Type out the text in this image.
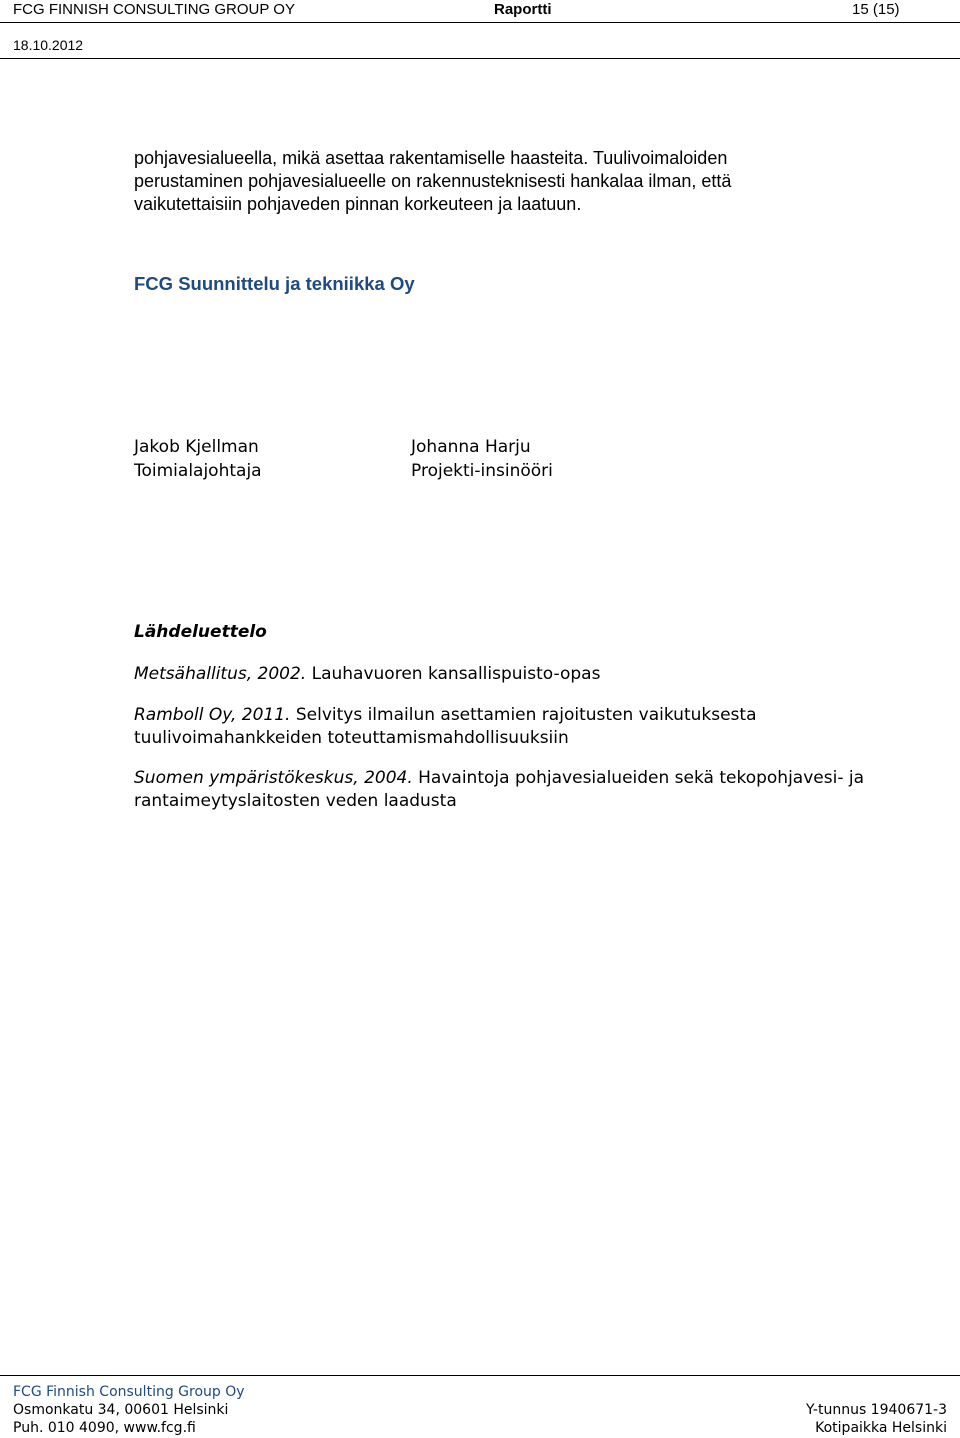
FCG FINNISH CONSULTING GROUP OY	Raportti	15 (15)
18.10.2012
pohjavesialueella, mikä asettaa rakentamiselle haasteita. Tuulivoimaloiden
perustaminen pohjavesialueelle on rakennusteknisesti hankalaa ilman, että
vaikutettaisiin pohjaveden pinnan korkeuteen ja laatuun.
FCG Suunnittelu ja tekniikka Oy
Jakob Kjellman
Toimialajohtaja
Johanna Harju
Projekti-insinööri
Lähdeluettelo
Metsähallitus, 2002. Lauhavuoren kansallispuisto-opas
Ramboll Oy, 2011. Selvitys ilmailun asettamien rajoitusten vaikutuksesta
tuulivoimahankkeiden toteuttamismahdollisuuksiin
Suomen ympäristökeskus, 2004. Havaintoja pohjavesialueiden sekä tekopohjavesi- ja
rantaimeytyslaitosten veden laadusta
FCG Finnish Consulting Group Oy
Osmonkatu 34, 00601 Helsinki
Puh. 010 4090, www.fcg.fi
Y-tunnus 1940671-3
Kotipaikka Helsinki
